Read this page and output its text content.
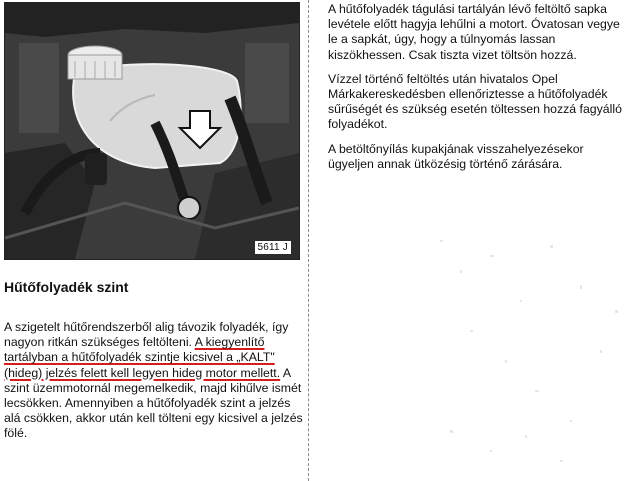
5611 J
Hűtőfolyadék szint

A szigetelt hűtőrendszerből alig távozik folyadék, így nagyon ritkán szükséges feltölteni. A kiegyenlítő tartályban a hűtőfolyadék szintje kicsivel a „KALT" (hideg) jelzés felett kell legyen hideg motor mellett. A szint üzemmotornál megemelkedik, majd kihűlve ismét lecsökken. Amennyiben a hűtőfolyadék szint a jelzés alá csökken, akkor után kell tölteni egy kicsivel a jelzés fölé.

A hűtőfolyadék tágulási tartályán lévő feltöltő sapka levétele előtt hagyja lehűlni a motort. Óvatosan vegye le a sapkát, úgy, hogy a túlnyomás lassan kiszökhessen. Csak tiszta vizet töltsön hozzá.

Vízzel történő feltöltés után hivatalos Opel Márkakereskedésben ellenőriztesse a hűtőfolyadék sűrűségét és szükség esetén töltessen hozzá fagyálló folyadékot.

A betöltőnyílás kupakjának visszahelyezésekor ügyeljen annak ütközésig történő zárására.
